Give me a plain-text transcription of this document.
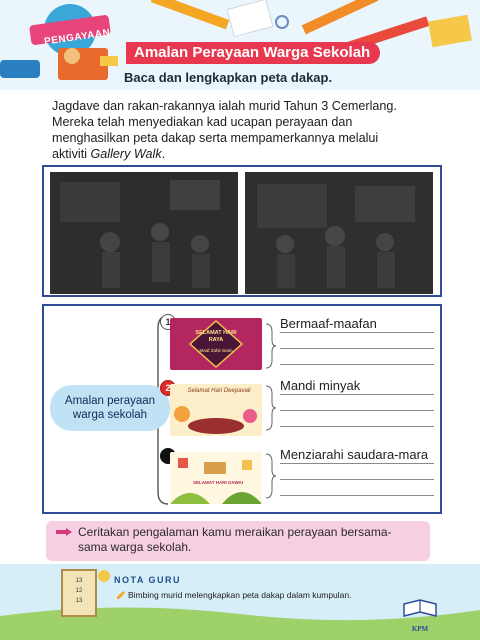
PENGAYAAN
Amalan Perayaan Warga Sekolah
Baca dan lengkapkan peta dakap.
Jagdave dan rakan-rakannya ialah murid Tahun 3 Cemerlang.
Mereka telah menyediakan kad ucapan perayaan dan
menghasilkan peta dakap serta mempamerkannya melalui
aktiviti Gallery Walk.
Amalan perayaan warga sekolah
1
SELAMAT HARI RAYA
Maaf Zahir Batin
2	Selamat Hari Deepavali
SELAMAT HARI GAWAI
Bermaaf-maafan
Mandi minyak
Menziarahi saudara-mara
Ceritakan pengalaman kamu meraikan perayaan bersama-sama warga sekolah.
13
12
13
NOTA GURU
Bimbing murid melengkapkan peta dakap dalam kumpulan.
KPM
